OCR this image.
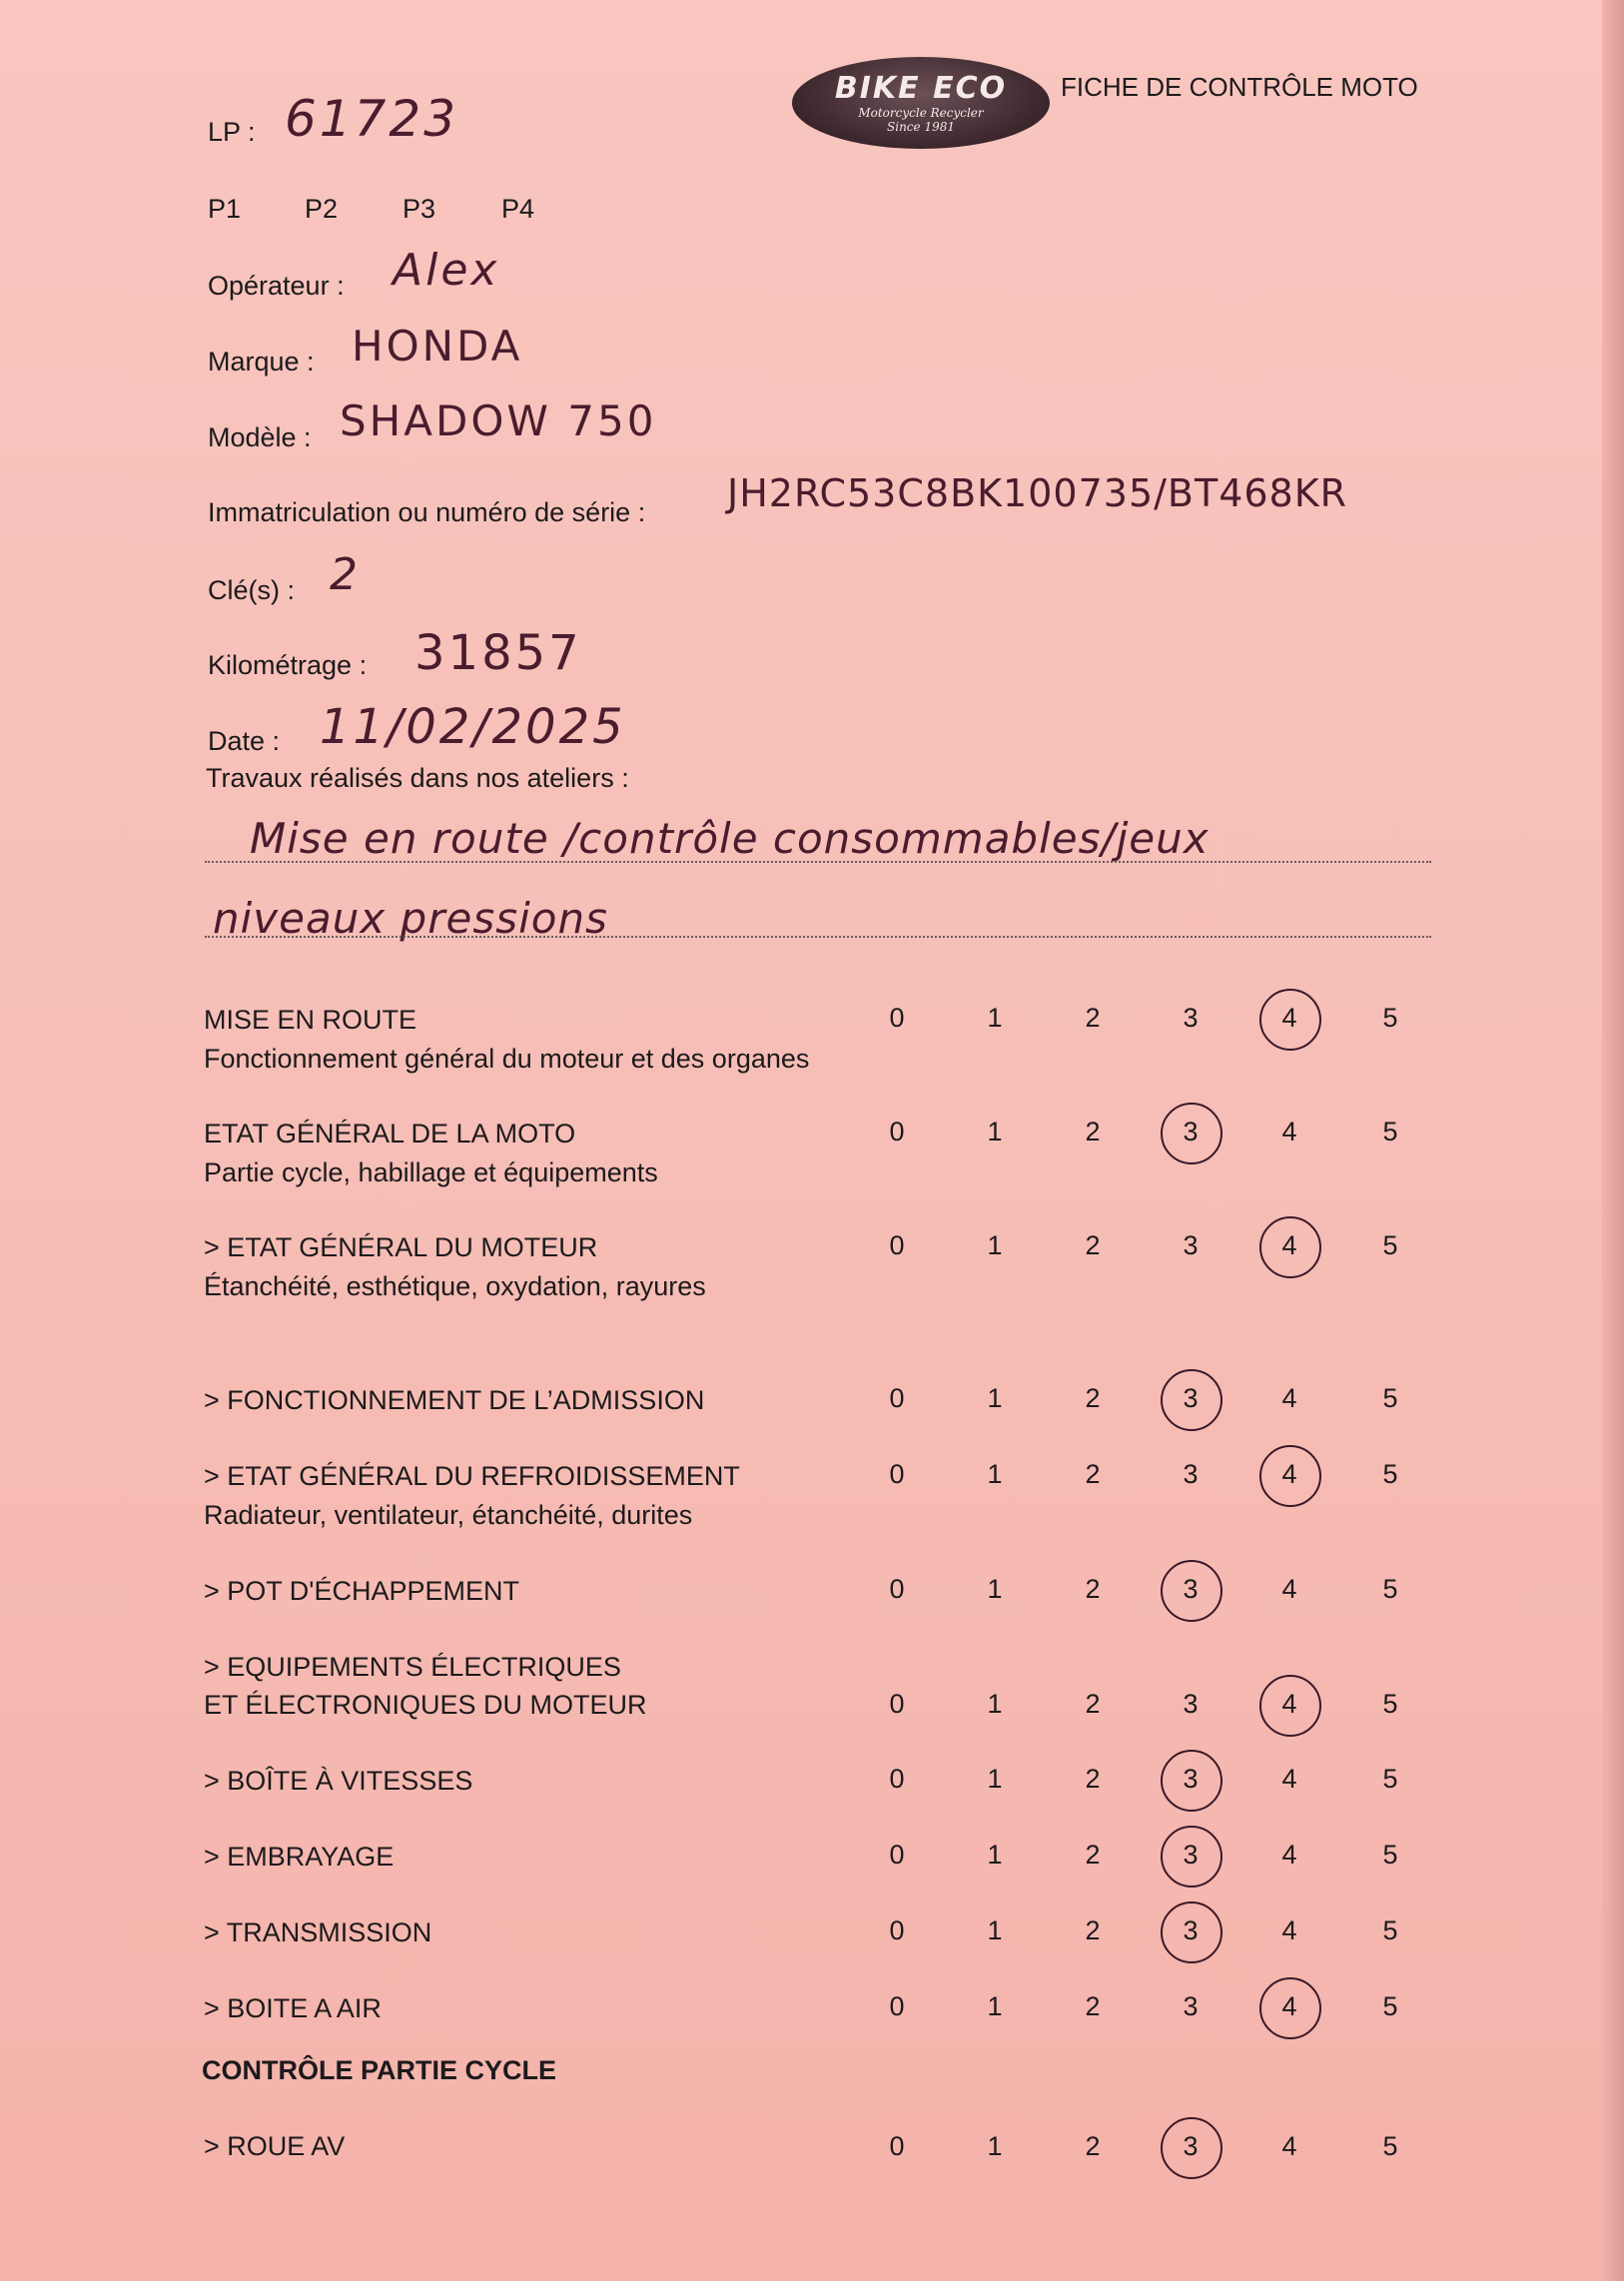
BIKE ECO
Motorcycle Recycler
Since 1981
FICHE DE CONTRÔLE MOTO
LP : 61723
P1 P2 P3 P4
Opérateur : Alex
Marque : HONDA
Modèle : SHADOW 750
Immatriculation ou numéro de série : JH2RC53C8BK100735/BT468KR
Clé(s) : 2
Kilométrage : 31857
Date : 11/02/2025
Travaux réalisés dans nos ateliers :
Mise en route /contrôle consommables/jeux
niveaux pressions
MISE EN ROUTE
Fonctionnement général du moteur et des organes
0	1	2	3	4	5
ETAT GÉNÉRAL DE LA MOTO
Partie cycle, habillage et équipements
0	1	2	3	4	5
> ETAT GÉNÉRAL DU MOTEUR
Étanchéité, esthétique, oxydation, rayures
0	1	2	3	4	5
> FONCTIONNEMENT DE L’ADMISSION	0	1	2	3	4	5
> ETAT GÉNÉRAL DU REFROIDISSEMENT
Radiateur, ventilateur, étanchéité, durites
0	1	2	3	4	5
> POT D'ÉCHAPPEMENT	0	1	2	3	4	5
> EQUIPEMENTS ÉLECTRIQUES
ET ÉLECTRONIQUES DU MOTEUR	0	1	2	3	4	5
> BOÎTE À VITESSES	0	1	2	3	4	5
> EMBRAYAGE	0	1	2	3	4	5
> TRANSMISSION	0	1	2	3	4	5
> BOITE A AIR	0	1	2	3	4	5
CONTRÔLE PARTIE CYCLE
> ROUE AV	0	1	2	3	4	5
